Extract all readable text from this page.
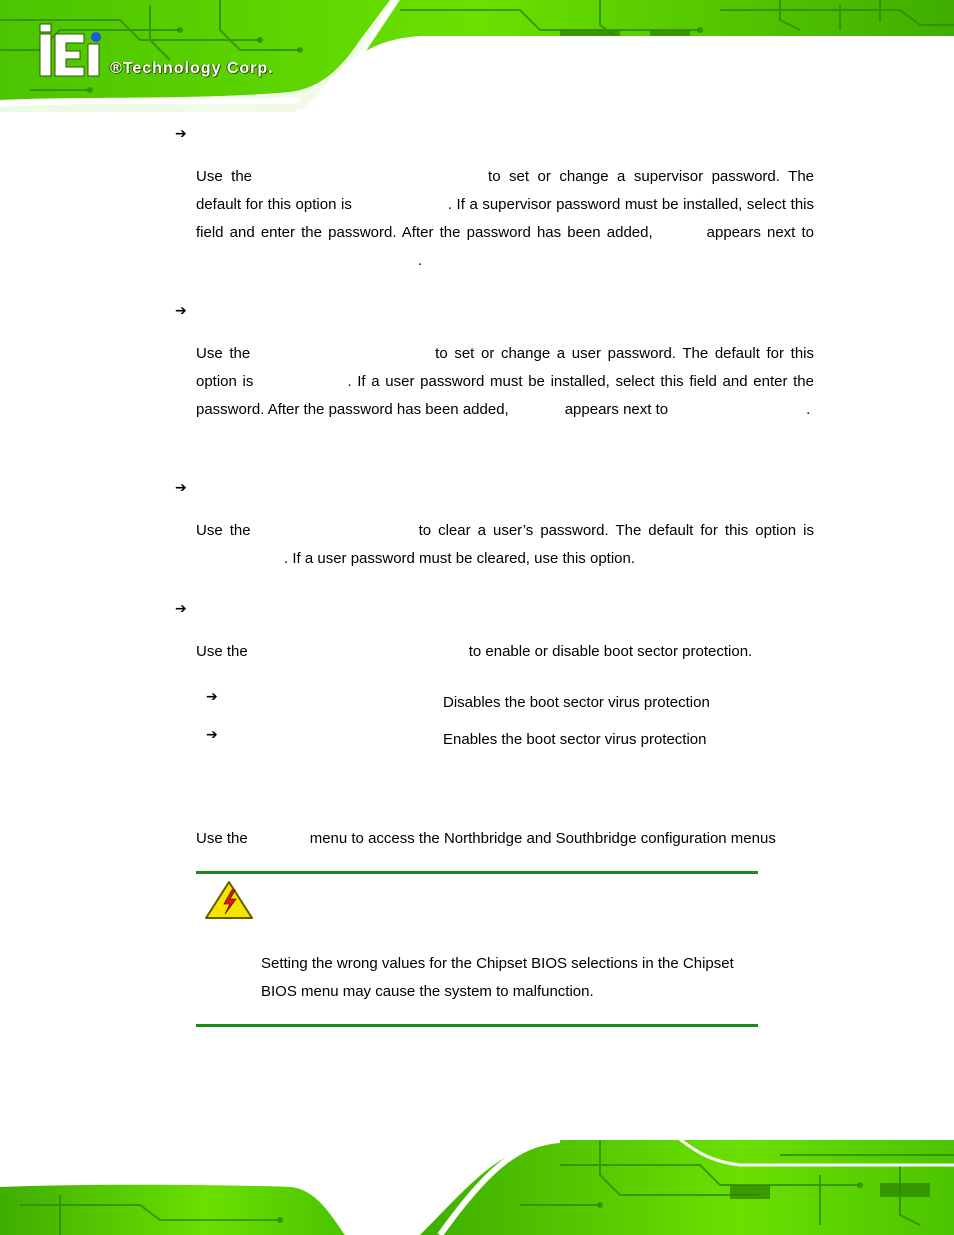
®Technology Corp.
➔
Use the	to set or change a supervisor password. The default for this option is	. If a supervisor password must be installed, select this field and enter the password. After the password has been added,	appears next to.
➔
Use the	to set or change a user password. The default for this option is	. If a user password must be installed, select this field and enter the password. After the password has been added,	appears next to	.
➔
Use the	to clear a user’s password. The default for this option is. If a user password must be cleared, use this option.
➔
Use the	to enable or disable boot sector protection.
➔	Disables the boot sector virus protection
➔	Enables the boot sector virus protection
Use the	menu to access the Northbridge and Southbridge configuration menus
Setting the wrong values for the Chipset BIOS selections in the Chipset
BIOS menu may cause the system to malfunction.
